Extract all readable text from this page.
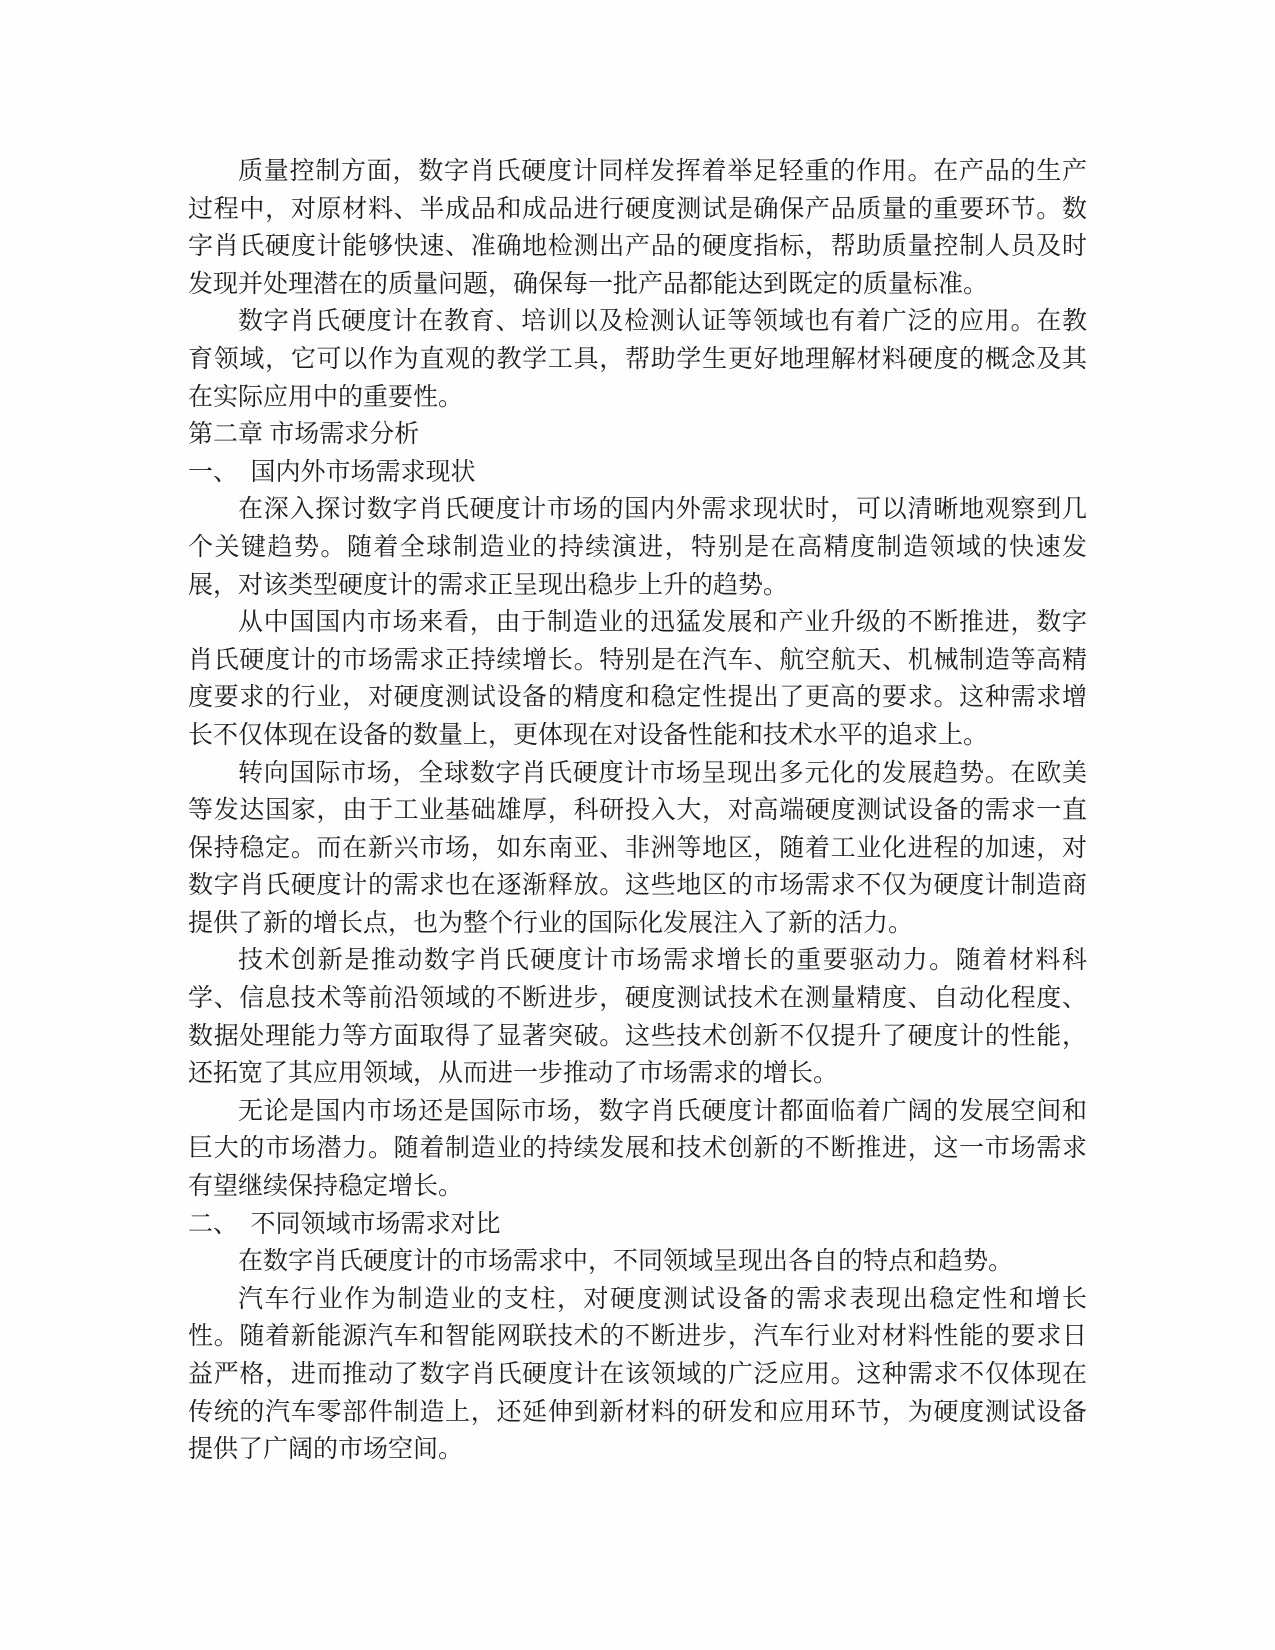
质量控制方面，数字肖氏硬度计同样发挥着举足轻重的作用。在产品的生产过程中，对原材料、半成品和成品进行硬度测试是确保产品质量的重要环节。数字肖氏硬度计能够快速、准确地检测出产品的硬度指标，帮助质量控制人员及时发现并处理潜在的质量问题，确保每一批产品都能达到既定的质量标准。

数字肖氏硬度计在教育、培训以及检测认证等领域也有着广泛的应用。在教育领域，它可以作为直观的教学工具，帮助学生更好地理解材料硬度的概念及其在实际应用中的重要性。

第二章 市场需求分析

一、　国内外市场需求现状

在深入探讨数字肖氏硬度计市场的国内外需求现状时，可以清晰地观察到几个关键趋势。随着全球制造业的持续演进，特别是在高精度制造领域的快速发展，对该类型硬度计的需求正呈现出稳步上升的趋势。

从中国国内市场来看，由于制造业的迅猛发展和产业升级的不断推进，数字肖氏硬度计的市场需求正持续增长。特别是在汽车、航空航天、机械制造等高精度要求的行业，对硬度测试设备的精度和稳定性提出了更高的要求。这种需求增长不仅体现在设备的数量上，更体现在对设备性能和技术水平的追求上。

转向国际市场，全球数字肖氏硬度计市场呈现出多元化的发展趋势。在欧美等发达国家，由于工业基础雄厚，科研投入大，对高端硬度测试设备的需求一直保持稳定。而在新兴市场，如东南亚、非洲等地区，随着工业化进程的加速，对数字肖氏硬度计的需求也在逐渐释放。这些地区的市场需求不仅为硬度计制造商提供了新的增长点，也为整个行业的国际化发展注入了新的活力。

技术创新是推动数字肖氏硬度计市场需求增长的重要驱动力。随着材料科学、信息技术等前沿领域的不断进步，硬度测试技术在测量精度、自动化程度、数据处理能力等方面取得了显著突破。这些技术创新不仅提升了硬度计的性能，还拓宽了其应用领域，从而进一步推动了市场需求的增长。

无论是国内市场还是国际市场，数字肖氏硬度计都面临着广阔的发展空间和巨大的市场潜力。随着制造业的持续发展和技术创新的不断推进，这一市场需求有望继续保持稳定增长。

二、　不同领域市场需求对比

在数字肖氏硬度计的市场需求中，不同领域呈现出各自的特点和趋势。

汽车行业作为制造业的支柱，对硬度测试设备的需求表现出稳定性和增长性。随着新能源汽车和智能网联技术的不断进步，汽车行业对材料性能的要求日益严格，进而推动了数字肖氏硬度计在该领域的广泛应用。这种需求不仅体现在传统的汽车零部件制造上，还延伸到新材料的研发和应用环节，为硬度测试设备提供了广阔的市场空间。
